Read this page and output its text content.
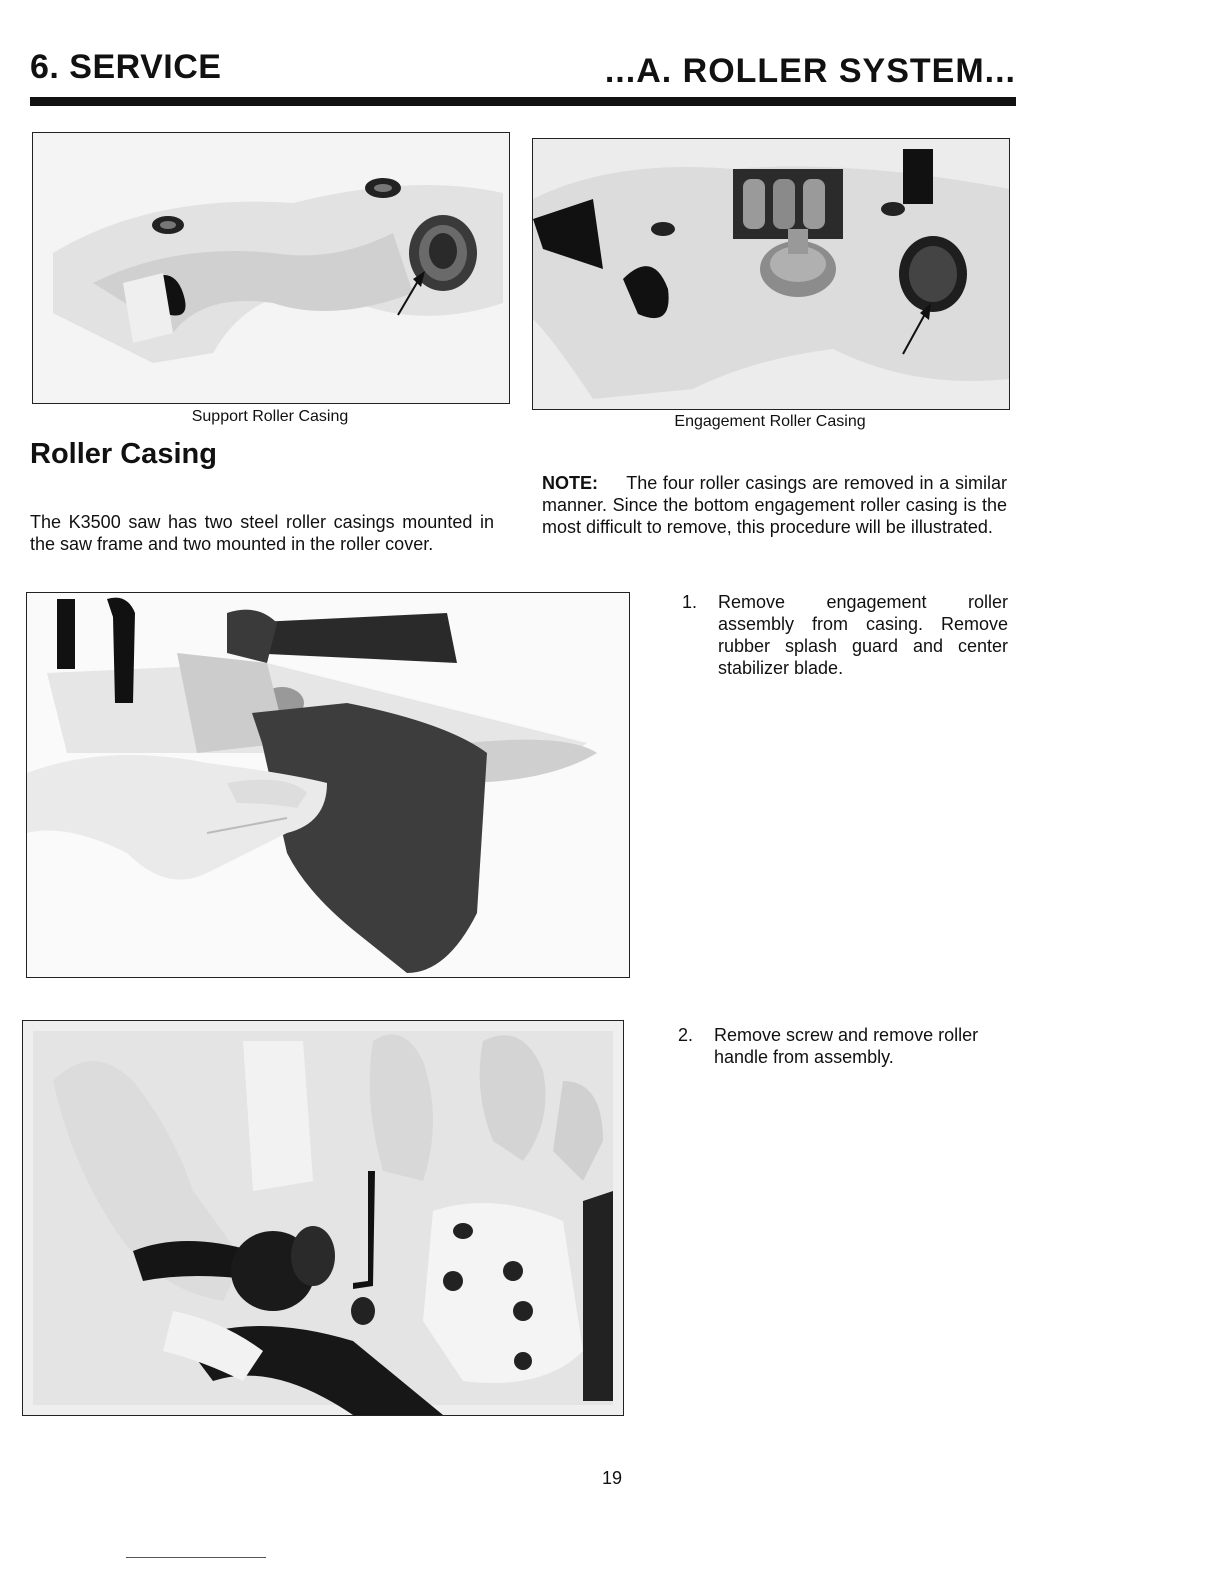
6. SERVICE	...A. ROLLER SYSTEM...
Support Roller Casing	Engagement Roller Casing
Roller Casing
The K3500 saw has two steel roller casings mounted in the saw frame and two mounted in the roller cover.
NOTE: The four roller casings are removed in a similar manner. Since the bottom engagement roller casing is the most difficult to remove, this procedure will be illustrated.
1. Remove engagement roller assembly from casing. Remove rubber splash guard and center stabilizer blade.
2. Remove screw and remove roller handle from assembly.
19
